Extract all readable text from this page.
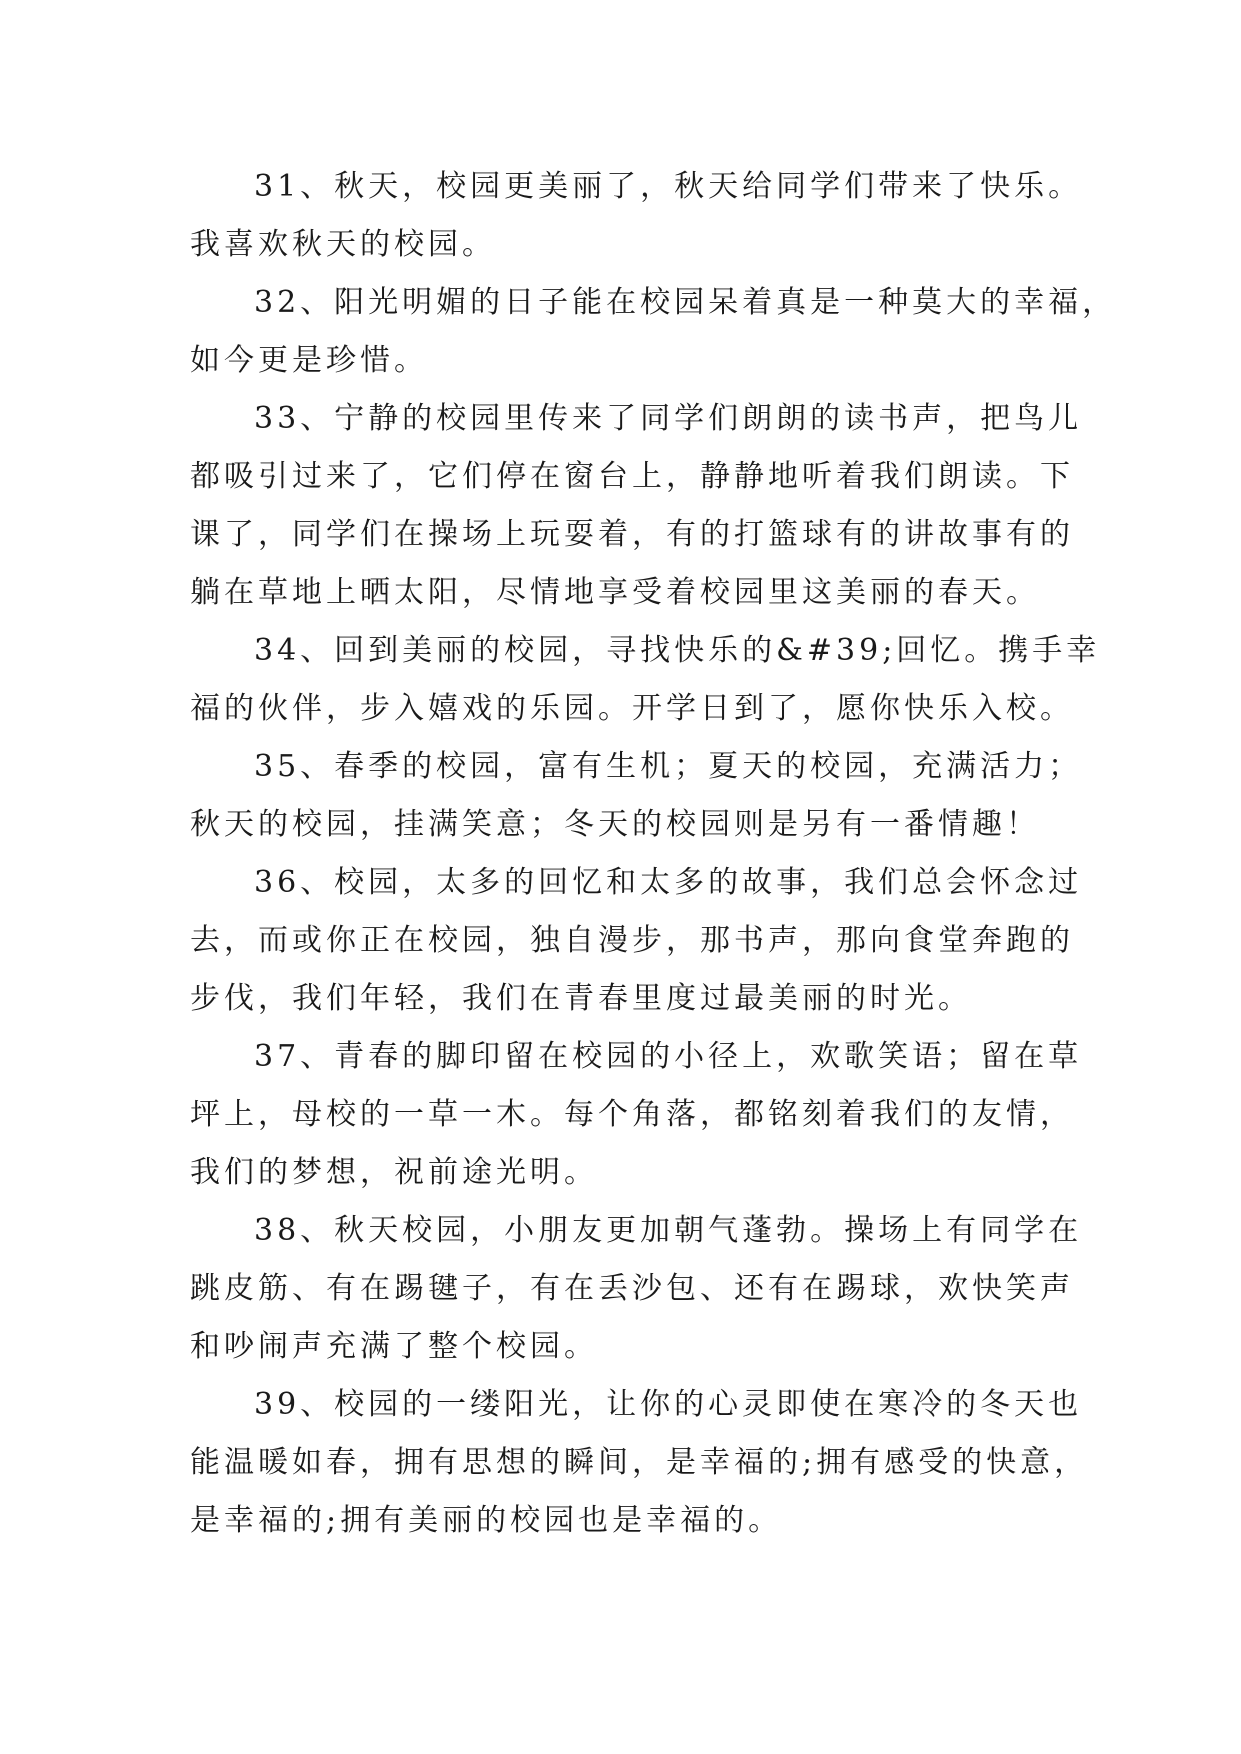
31、秋天，校园更美丽了，秋天给同学们带来了快乐。
我喜欢秋天的校园。
32、阳光明媚的日子能在校园呆着真是一种莫大的幸福，
如今更是珍惜。
33、宁静的校园里传来了同学们朗朗的读书声，把鸟儿
都吸引过来了，它们停在窗台上，静静地听着我们朗读。下
课了，同学们在操场上玩耍着，有的打篮球有的讲故事有的
躺在草地上晒太阳，尽情地享受着校园里这美丽的春天。
34、回到美丽的校园，寻找快乐的&#39;回忆。携手幸
福的伙伴，步入嬉戏的乐园。开学日到了，愿你快乐入校。
35、春季的校园，富有生机；夏天的校园，充满活力；
秋天的校园，挂满笑意；冬天的校园则是另有一番情趣！
36、校园，太多的回忆和太多的故事，我们总会怀念过
去，而或你正在校园，独自漫步，那书声，那向食堂奔跑的
步伐，我们年轻，我们在青春里度过最美丽的时光。
37、青春的脚印留在校园的小径上，欢歌笑语；留在草
坪上，母校的一草一木。每个角落，都铭刻着我们的友情，
我们的梦想，祝前途光明。
38、秋天校园，小朋友更加朝气蓬勃。操场上有同学在
跳皮筋、有在踢毽子，有在丢沙包、还有在踢球，欢快笑声
和吵闹声充满了整个校园。
39、校园的一缕阳光，让你的心灵即使在寒冷的冬天也
能温暖如春，拥有思想的瞬间，是幸福的;拥有感受的快意，
是幸福的;拥有美丽的校园也是幸福的。
